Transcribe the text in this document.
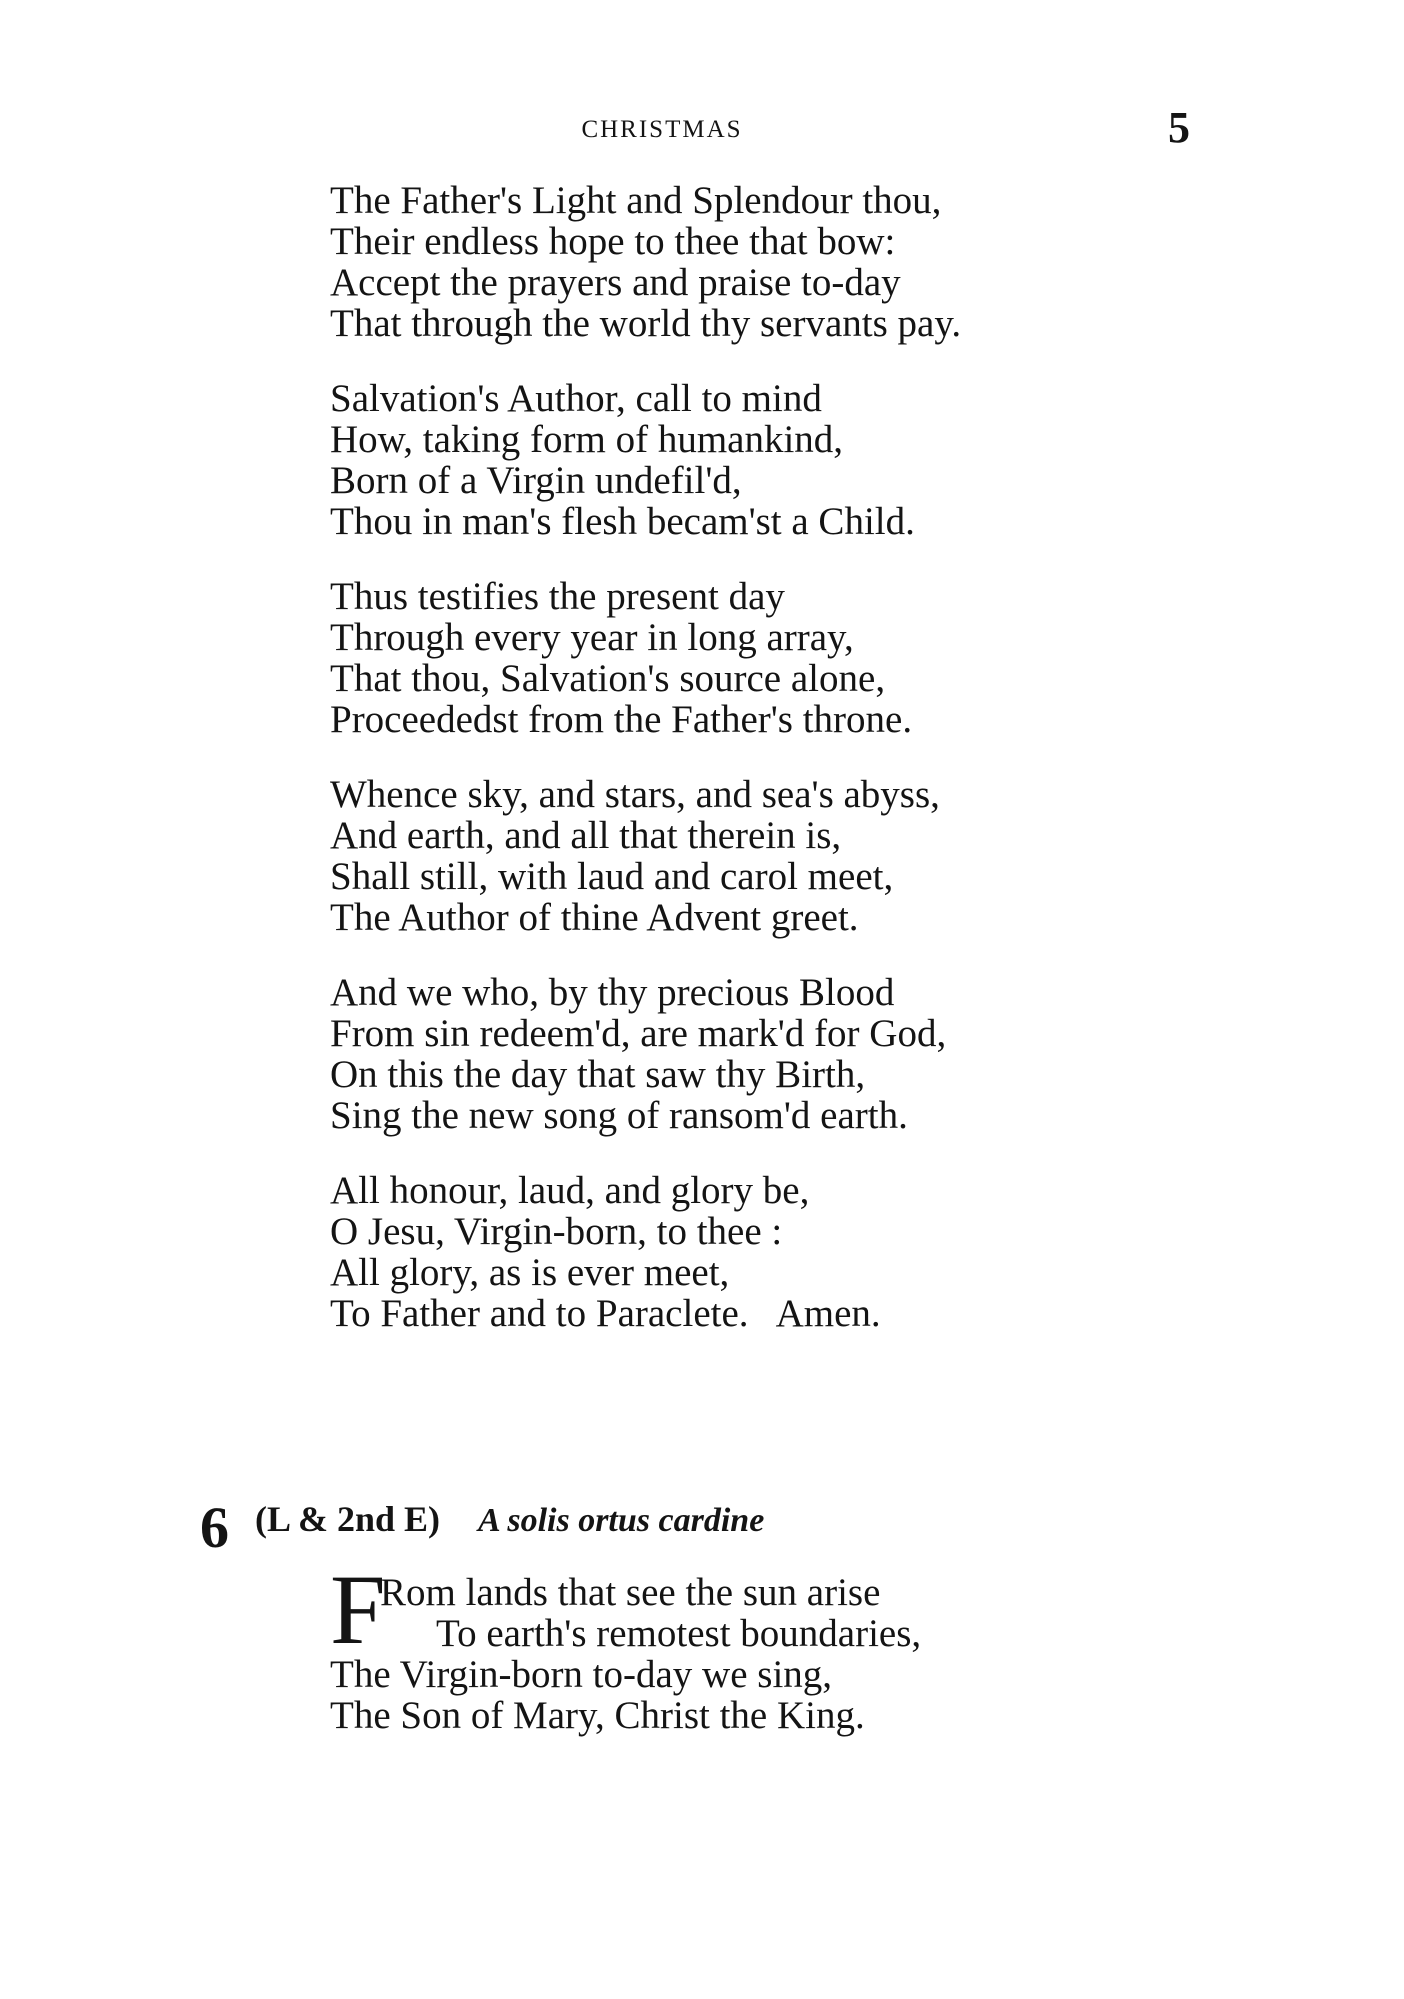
CHRISTMAS	5
The Father's Light and Splendour thou,
Their endless hope to thee that bow:
Accept the prayers and praise to-day
That through the world thy servants pay.
Salvation's Author, call to mind
How, taking form of humankind,
Born of a Virgin undefil'd,
Thou in man's flesh becam'st a Child.
Thus testifies the present day
Through every year in long array,
That thou, Salvation's source alone,
Proceededst from the Father's throne.
Whence sky, and stars, and sea's abyss,
And earth, and all that therein is,
Shall still, with laud and carol meet,
The Author of thine Advent greet.
And we who, by thy precious Blood
From sin redeem'd, are mark'd for God,
On this the day that saw thy Birth,
Sing the new song of ransom'd earth.
All honour, laud, and glory be,
O Jesu, Virgin-born, to thee :
All glory, as is ever meet,
To Father and to Paraclete.   Amen.
6 (L & 2nd E) A solis ortus cardine
F
Rom lands that see the sun arise
To earth's remotest boundaries,
The Virgin-born to-day we sing,
The Son of Mary, Christ the King.
